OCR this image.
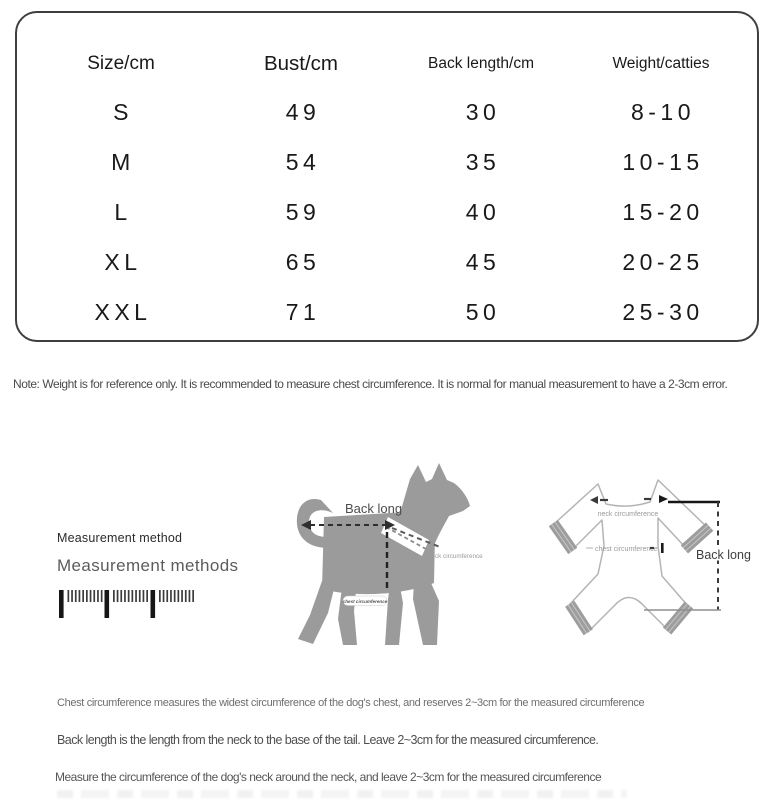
Size/cm	Bust/cm	Back length/cm	Weight/catties
S	49	30	8-10
M	54	35	10-15
L	59	40	15-20
XL	65	45	20-25
XXL	71	50	25-30
Note: Weight is for reference only. It is recommended to measure chest circumference. It is normal for manual measurement to have a 2-3cm error.
Measurement method
Measurement methods
Back long
neck circumference
chest circumference
neck circumference
chest circumference	Back long
Chest circumference measures the widest circumference of the dog's chest, and reserves 2~3cm for the measured circumference
Back length is the length from the neck to the base of the tail. Leave 2~3cm for the measured circumference.
Measure the circumference of the dog's neck around the neck, and leave 2~3cm for the measured circumference
